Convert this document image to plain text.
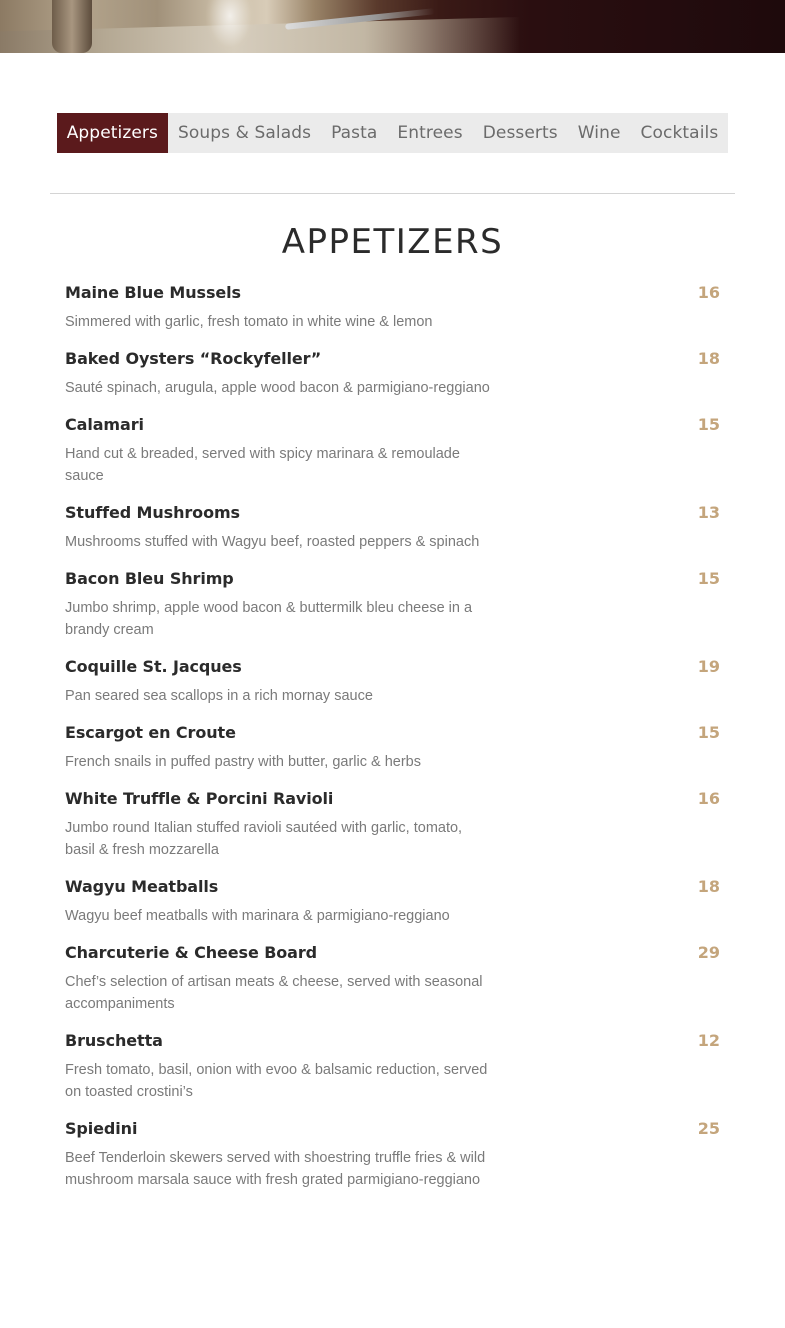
Appetizers	Soups & Salads	Pasta	Entrees	Desserts	Wine	Cocktails
APPETIZERS
Maine Blue Mussels	16
Simmered with garlic, fresh tomato in white wine & lemon
Baked Oysters “Rockyfeller”	18
Sauté spinach, arugula, apple wood bacon & parmigiano-reggiano
Calamari	15
Hand cut & breaded, served with spicy marinara & remoulade sauce
Stuffed Mushrooms	13
Mushrooms stuffed with Wagyu beef, roasted peppers & spinach
Bacon Bleu Shrimp	15
Jumbo shrimp, apple wood bacon & buttermilk bleu cheese in a brandy cream
Coquille St. Jacques	19
Pan seared sea scallops in a rich mornay sauce
Escargot en Croute	15
French snails in puffed pastry with butter, garlic & herbs
White Truffle & Porcini Ravioli	16
Jumbo round Italian stuffed ravioli sautéed with garlic, tomato, basil & fresh mozzarella
Wagyu Meatballs	18
Wagyu beef meatballs with marinara & parmigiano-reggiano
Charcuterie & Cheese Board	29
Chef’s selection of artisan meats & cheese, served with seasonal accompaniments
Bruschetta	12
Fresh tomato, basil, onion with evoo & balsamic reduction, served on toasted crostini’s
Spiedini	25
Beef Tenderloin skewers served with shoestring truffle fries & wild mushroom marsala sauce with fresh grated parmigiano-reggiano
